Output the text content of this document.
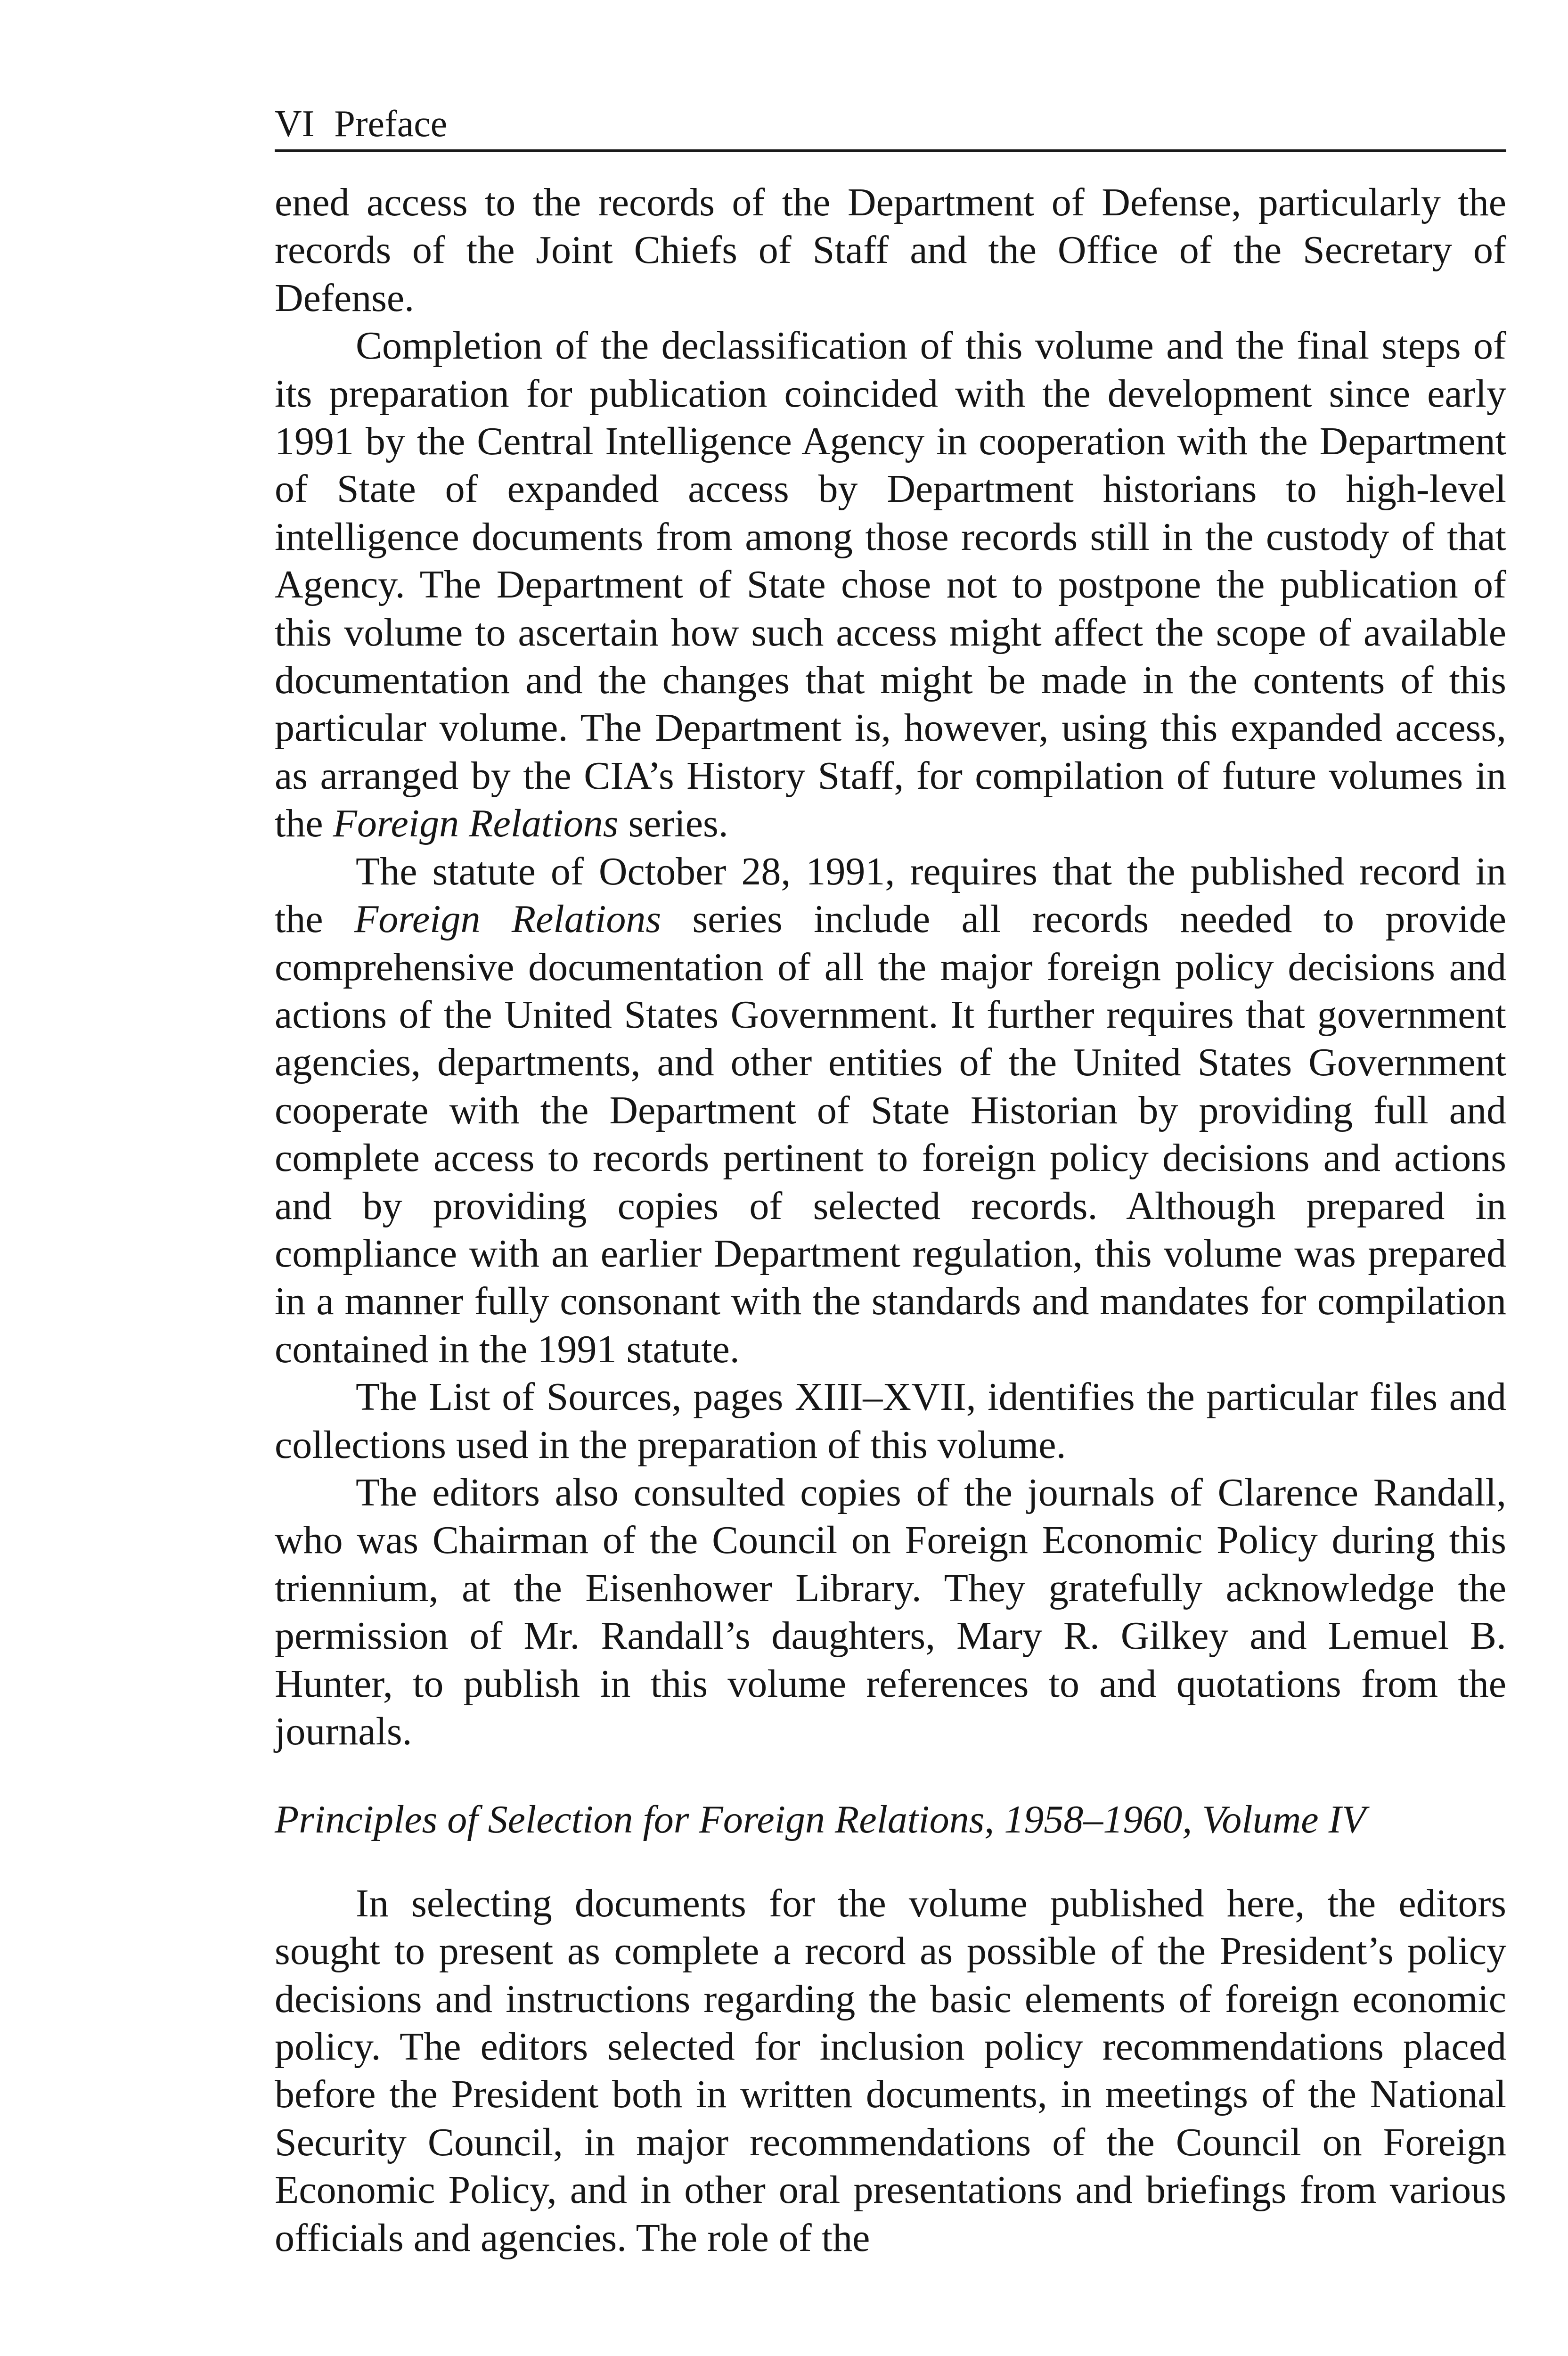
VI Preface

ened access to the records of the Department of Defense, particularly the records of the Joint Chiefs of Staff and the Office of the Secretary of Defense.

Completion of the declassification of this volume and the final steps of its preparation for publication coincided with the development since early 1991 by the Central Intelligence Agency in cooperation with the Department of State of expanded access by Department historians to high-level intelligence documents from among those records still in the custody of that Agency. The Department of State chose not to postpone the publication of this volume to ascertain how such access might affect the scope of available documentation and the changes that might be made in the contents of this particular volume. The Department is, however, using this expanded access, as arranged by the CIA’s History Staff, for compilation of future volumes in the Foreign Relations series.

The statute of October 28, 1991, requires that the published record in the Foreign Relations series include all records needed to provide comprehensive documentation of all the major foreign policy decisions and actions of the United States Government. It further requires that government agencies, departments, and other entities of the United States Government cooperate with the Department of State Historian by providing full and complete access to records pertinent to foreign policy decisions and actions and by providing copies of selected records. Although prepared in compliance with an earlier Department regulation, this volume was prepared in a manner fully consonant with the standards and mandates for compilation contained in the 1991 statute.

The List of Sources, pages XIII–XVII, identifies the particular files and collections used in the preparation of this volume.

The editors also consulted copies of the journals of Clarence Randall, who was Chairman of the Council on Foreign Economic Policy during this triennium, at the Eisenhower Library. They gratefully acknowledge the permission of Mr. Randall’s daughters, Mary R. Gilkey and Lemuel B. Hunter, to publish in this volume references to and quotations from the journals.

Principles of Selection for Foreign Relations, 1958–1960, Volume IV

In selecting documents for the volume published here, the editors sought to present as complete a record as possible of the President’s policy decisions and instructions regarding the basic elements of foreign economic policy. The editors selected for inclusion policy recommendations placed before the President both in written documents, in meetings of the National Security Council, in major recommendations of the Council on Foreign Economic Policy, and in other oral presentations and briefings from various officials and agencies. The role of the
